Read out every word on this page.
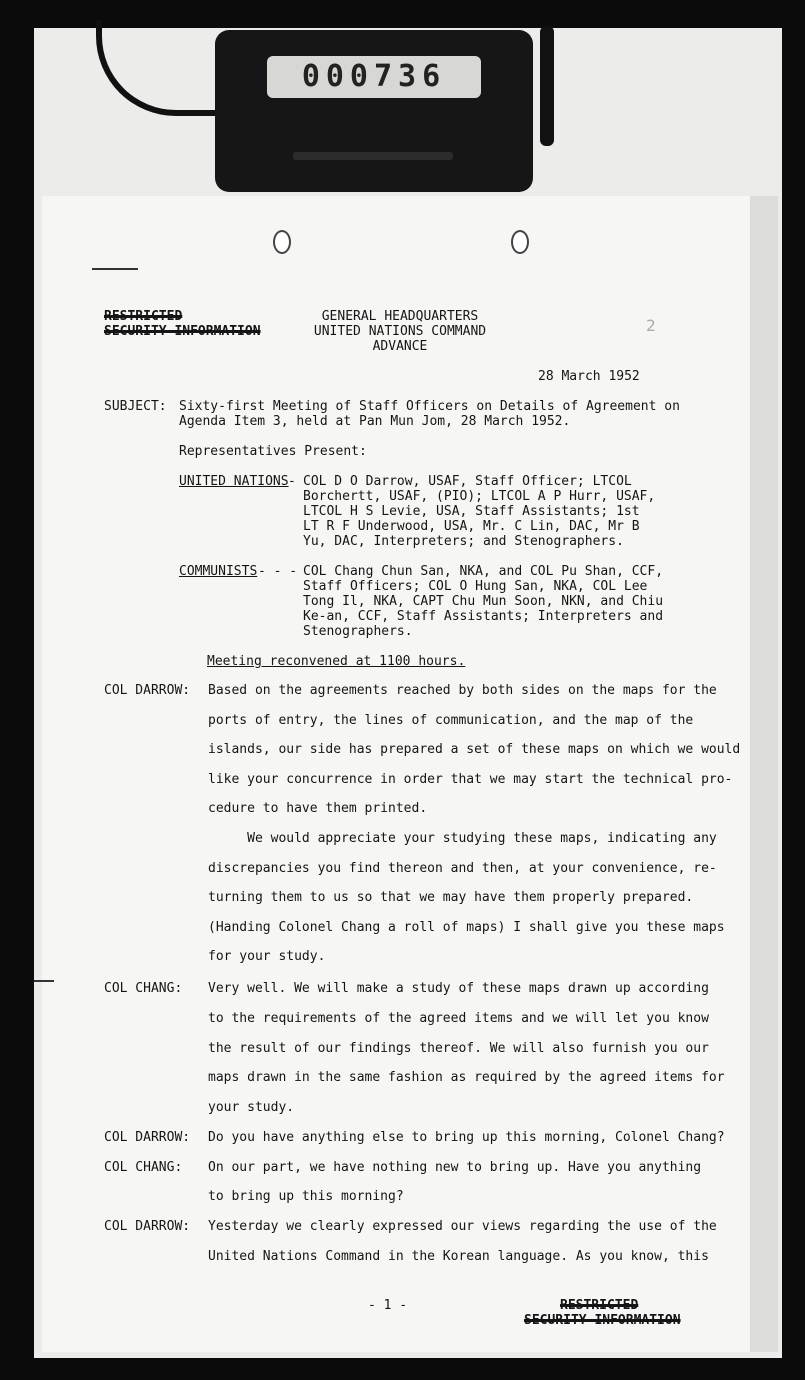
000736
RESTRICTED
SECURITY INFORMATION
GENERAL HEADQUARTERS
UNITED NATIONS COMMAND
ADVANCE
2
28 March 1952
SUBJECT: Sixty-first Meeting of Staff Officers on Details of Agreement on
Agenda Item 3, held at Pan Mun Jom, 28 March 1952.
Representatives Present:
UNITED NATIONS - COL D O Darrow, USAF, Staff Officer; LTCOL
Borchertt, USAF, (PIO); LTCOL A P Hurr, USAF,
LTCOL H S Levie, USA, Staff Assistants; 1st
LT R F Underwood, USA, Mr. C Lin, DAC, Mr B
Yu, DAC, Interpreters; and Stenographers.
COMMUNISTS - - - COL Chang Chun San, NKA, and COL Pu Shan, CCF,
Staff Officers; COL O Hung San, NKA, COL Lee
Tong Il, NKA, CAPT Chu Mun Soon, NKN, and Chiu
Ke-an, CCF, Staff Assistants; Interpreters and
Stenographers.
Meeting reconvened at 1100 hours.
COL DARROW: Based on the agreements reached by both sides on the maps for the
ports of entry, the lines of communication, and the map of the
islands, our side has prepared a set of these maps on which we would
like your concurrence in order that we may start the technical pro-
cedure to have them printed.
We would appreciate your studying these maps, indicating any
discrepancies you find thereon and then, at your convenience, re-
turning them to us so that we may have them properly prepared.
(Handing Colonel Chang a roll of maps) I shall give you these maps
for your study.
COL CHANG: Very well. We will make a study of these maps drawn up according
to the requirements of the agreed items and we will let you know
the result of our findings thereof. We will also furnish you our
maps drawn in the same fashion as required by the agreed items for
your study.
COL DARROW: Do you have anything else to bring up this morning, Colonel Chang?
COL CHANG: On our part, we have nothing new to bring up. Have you anything
to bring up this morning?
COL DARROW: Yesterday we clearly expressed our views regarding the use of the
United Nations Command in the Korean language. As you know, this
- 1 -	RESTRICTED
SECURITY INFORMATION
